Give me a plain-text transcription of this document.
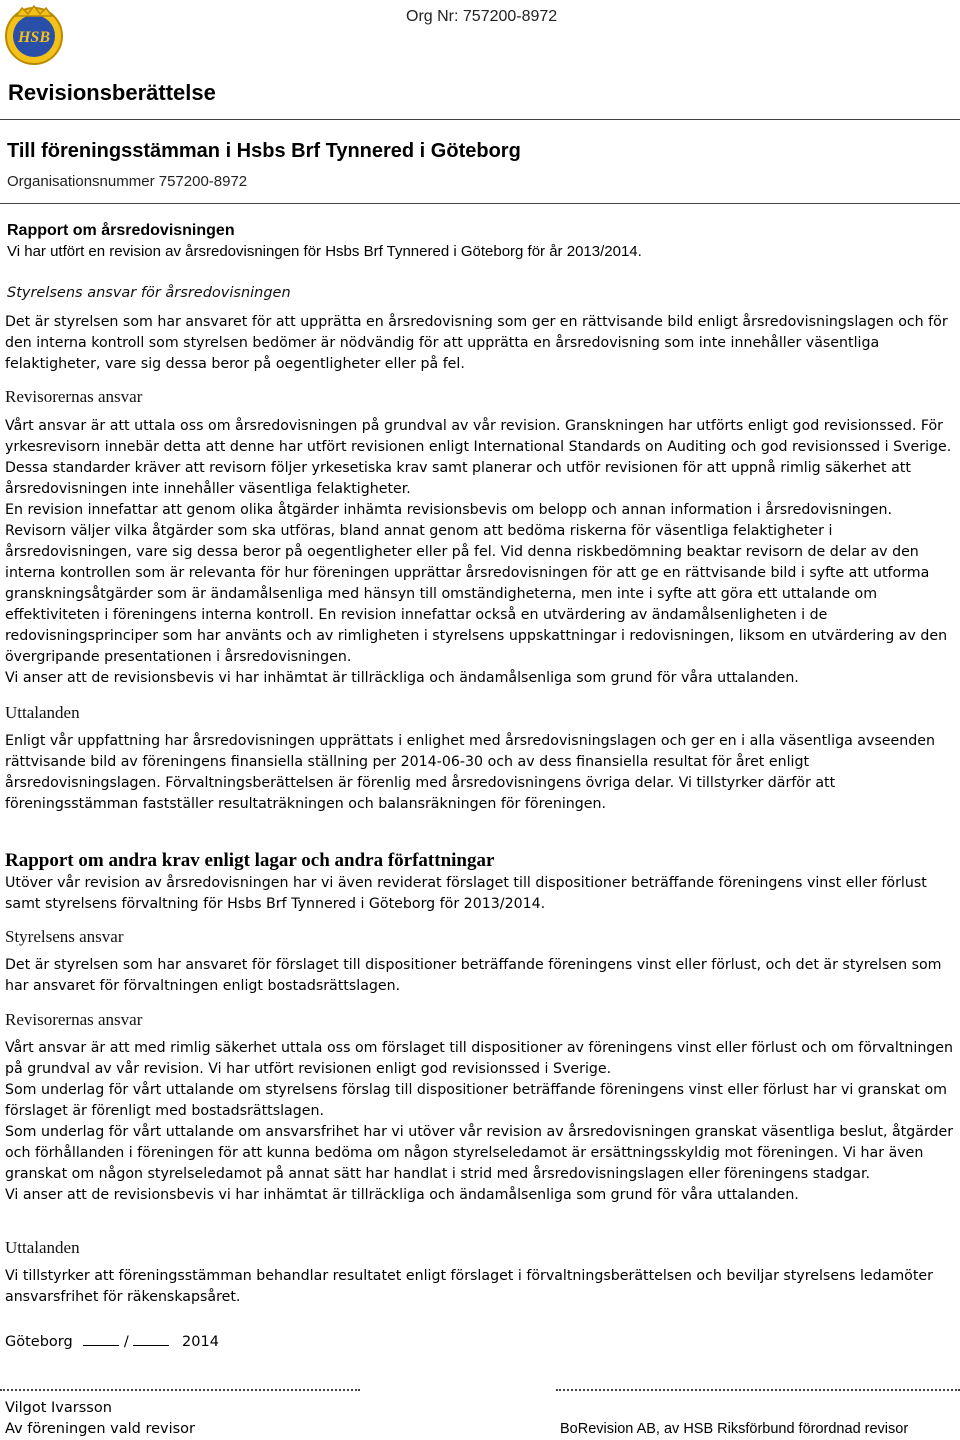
HSB
Org Nr: 757200-8972
Revisionsberättelse
Till föreningsstämman i Hsbs Brf Tynnered i Göteborg
Organisationsnummer 757200-8972
Rapport om årsredovisningen
Vi har utfört en revision av årsredovisningen för Hsbs Brf Tynnered i Göteborg för år 2013/2014.
Styrelsens ansvar för årsredovisningen

Det är styrelsen som har ansvaret för att upprätta en årsredovisning som ger en rättvisande bild enligt årsredovisningslagen och för den interna kontroll som styrelsen bedömer är nödvändig för att upprätta en årsredovisning som inte innehåller väsentliga felaktigheter, vare sig dessa beror på oegentligheter eller på fel.

Revisorernas ansvar

Vårt ansvar är att uttala oss om årsredovisningen på grundval av vår revision. Granskningen har utförts enligt god revisionssed. För yrkesrevisorn innebär detta att denne har utfört revisionen enligt International Standards on Auditing och god revisionssed i Sverige. Dessa standarder kräver att revisorn följer yrkesetiska krav samt planerar och utför revisionen för att uppnå rimlig säkerhet att årsredovisningen inte innehåller väsentliga felaktigheter.

En revision innefattar att genom olika åtgärder inhämta revisionsbevis om belopp och annan information i årsredovisningen. Revisorn väljer vilka åtgärder som ska utföras, bland annat genom att bedöma riskerna för väsentliga felaktigheter i årsredovisningen, vare sig dessa beror på oegentligheter eller på fel. Vid denna riskbedömning beaktar revisorn de delar av den interna kontrollen som är relevanta för hur föreningen upprättar årsredovisningen för att ge en rättvisande bild i syfte att utforma granskningsåtgärder som är ändamålsenliga med hänsyn till omständigheterna, men inte i syfte att göra ett uttalande om effektiviteten i föreningens interna kontroll. En revision innefattar också en utvärdering av ändamålsenligheten i de redovisningsprinciper som har använts och av rimligheten i styrelsens uppskattningar i redovisningen, liksom en utvärdering av den övergripande presentationen i årsredovisningen.

Vi anser att de revisionsbevis vi har inhämtat är tillräckliga och ändamålsenliga som grund för våra uttalanden.

Uttalanden

Enligt vår uppfattning har årsredovisningen upprättats i enlighet med årsredovisningslagen och ger en i alla väsentliga avseenden rättvisande bild av föreningens finansiella ställning per 2014-06-30 och av dess finansiella resultat för året enligt årsredovisningslagen. Förvaltningsberättelsen är förenlig med årsredovisningens övriga delar. Vi tillstyrker därför att föreningsstämman fastställer resultaträkningen och balansräkningen för föreningen.

Rapport om andra krav enligt lagar och andra författningar

Utöver vår revision av årsredovisningen har vi även reviderat förslaget till dispositioner beträffande föreningens vinst eller förlust samt styrelsens förvaltning för Hsbs Brf Tynnered i Göteborg för 2013/2014.

Styrelsens ansvar

Det är styrelsen som har ansvaret för förslaget till dispositioner beträffande föreningens vinst eller förlust, och det är styrelsen som har ansvaret för förvaltningen enligt bostadsrättslagen.

Revisorernas ansvar

Vårt ansvar är att med rimlig säkerhet uttala oss om förslaget till dispositioner av föreningens vinst eller förlust och om förvaltningen på grundval av vår revision. Vi har utfört revisionen enligt god revisionssed i Sverige.

Som underlag för vårt uttalande om styrelsens förslag till dispositioner beträffande föreningens vinst eller förlust har vi granskat om förslaget är förenligt med bostadsrättslagen.

Som underlag för vårt uttalande om ansvarsfrihet har vi utöver vår revision av årsredovisningen granskat väsentliga beslut, åtgärder och förhållanden i föreningen för att kunna bedöma om någon styrelseledamot är ersättningsskyldig mot föreningen. Vi har även granskat om någon styrelseledamot på annat sätt har handlat i strid med årsredovisningslagen eller föreningens stadgar.

Vi anser att de revisionsbevis vi har inhämtat är tillräckliga och ändamålsenliga som grund för våra uttalanden.

Uttalanden

Vi tillstyrker att föreningsstämman behandlar resultatet enligt förslaget i förvaltningsberättelsen och beviljar styrelsens ledamöter ansvarsfrihet för räkenskapsåret.

Göteborg	/	2014
Vilgot Ivarsson
Av föreningen vald revisor	BoRevision AB, av HSB Riksförbund förordnad revisor
